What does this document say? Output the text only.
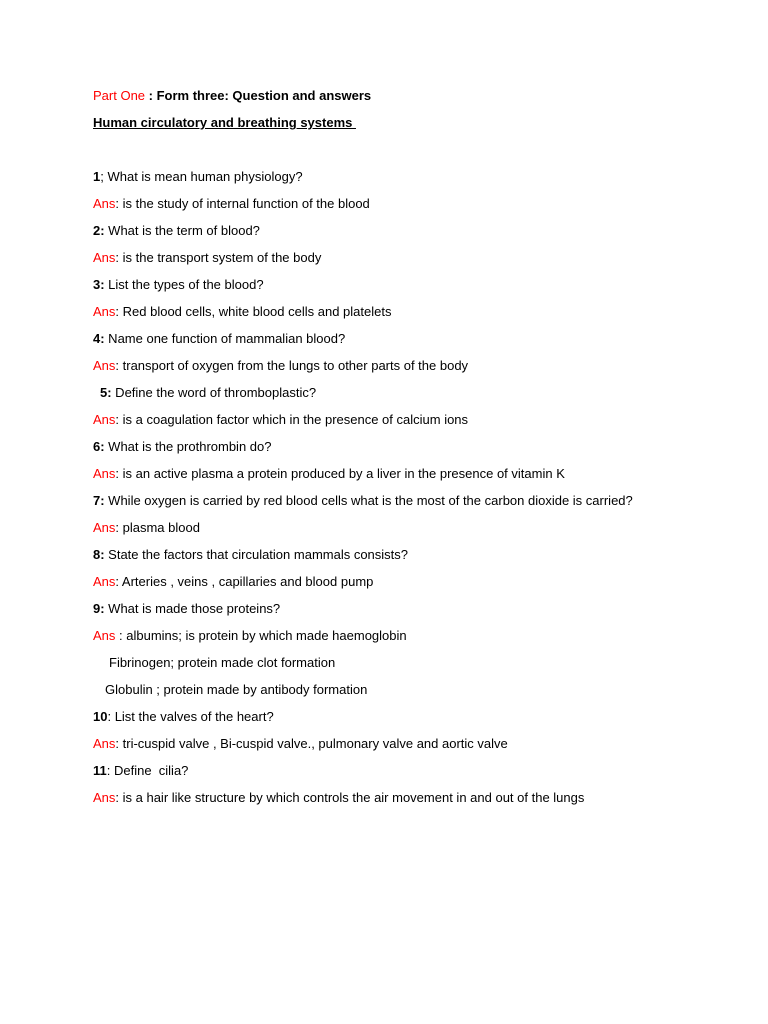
Part One : Form three: Question and answers
Human circulatory and breathing systems
1; What is mean human physiology?
Ans: is the study of internal function of the blood
2: What is the term of blood?
Ans: is the transport system of the body
3: List the types of the blood?
Ans: Red blood cells, white blood cells and platelets
4: Name one function of mammalian blood?
Ans: transport of oxygen from the lungs to other parts of the body
5: Define the word of thromboplastic?
Ans: is a coagulation factor which in the presence of calcium ions
6: What is the prothrombin do?
Ans: is an active plasma a protein produced by a liver in the presence of vitamin K
7: While oxygen is carried by red blood cells what is the most of the carbon dioxide is carried?
Ans: plasma blood
8: State the factors that circulation mammals consists?
Ans: Arteries , veins , capillaries and blood pump
9: What is made those proteins?
Ans : albumins; is protein by which made haemoglobin
Fibrinogen; protein made clot formation
Globulin ; protein made by antibody formation
10: List the valves of the heart?
Ans: tri-cuspid valve , Bi-cuspid valve., pulmonary valve and aortic valve
11: Define  cilia?
Ans: is a hair like structure by which controls the air movement in and out of the lungs
